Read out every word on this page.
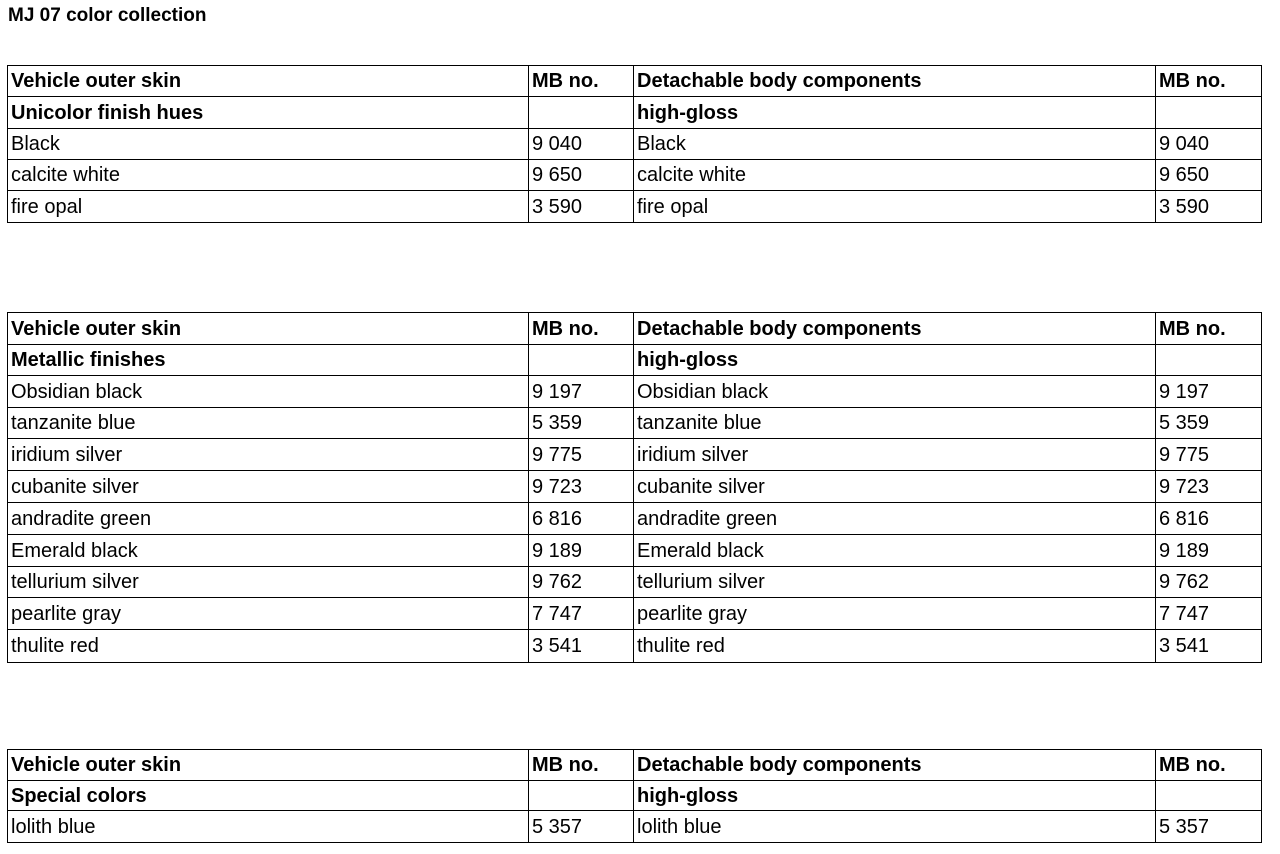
MJ 07 color collection
Vehicle outer skin	MB no.	Detachable body components	MB no.
Unicolor finish hues		high-gloss	
Black	9 040	Black	9 040
calcite white	9 650	calcite white	9 650
fire opal	3 590	fire opal	3 590
Vehicle outer skin	MB no.	Detachable body components	MB no.
Metallic finishes		high-gloss	
Obsidian black	9 197	Obsidian black	9 197
tanzanite blue	5 359	tanzanite blue	5 359
iridium silver	9 775	iridium silver	9 775
cubanite silver	9 723	cubanite silver	9 723
andradite green	6 816	andradite green	6 816
Emerald black	9 189	Emerald black	9 189
tellurium silver	9 762	tellurium silver	9 762
pearlite gray	7 747	pearlite gray	7 747
thulite red	3 541	thulite red	3 541
Vehicle outer skin	MB no.	Detachable body components	MB no.
Special colors		high-gloss	
lolith blue	5 357	lolith blue	5 357
